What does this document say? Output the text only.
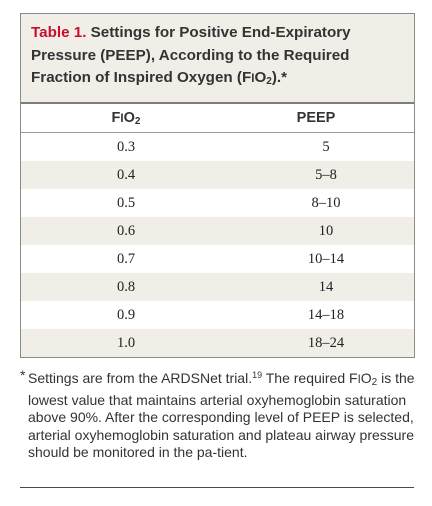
Table 1. Settings for Positive End-Expiratory Pressure (PEEP), According to the Required Fraction of Inspired Oxygen $(FIO_2).*$
$FIO_2$	PEEP
0.3	5
0.4	5–8
0.5	8–10
0.6	10
0.7	10–14
0.8	14
0.9	14–18
1.0	18–24
* Settings are from the ARDSNet trial.$^{19}$ The required $FIO_2$ is the lowest value that maintains arterial oxyhemoglobin saturation above 90%. After the corresponding level of PEEP is selected, arterial oxyhemoglobin saturation and plateau airway pressure should be monitored in the pa-tient.
